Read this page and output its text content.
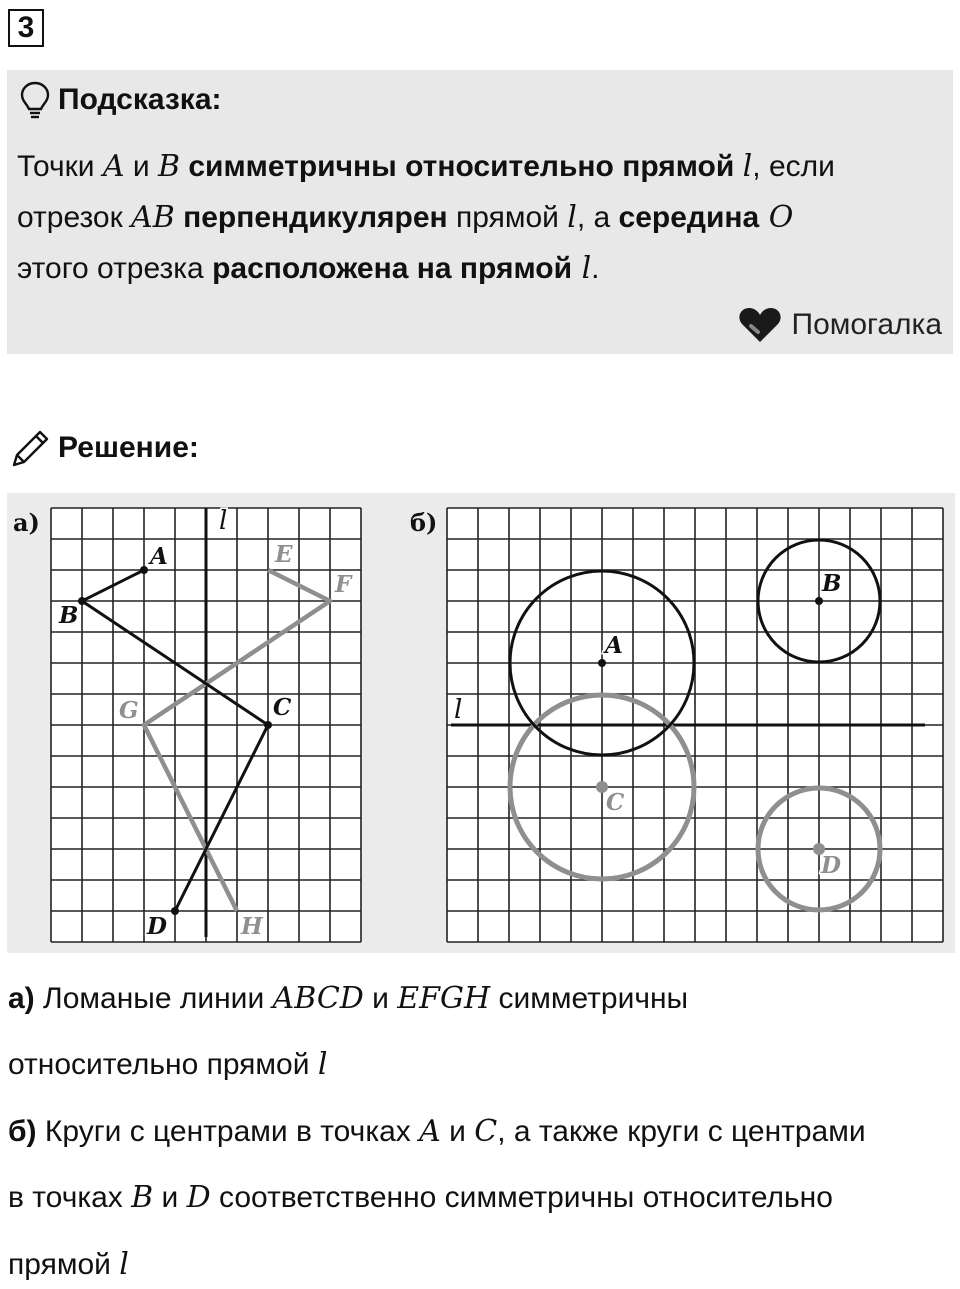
3
Подсказка:
Точки A и B симметричны относительно прямой l, если
отрезок AB перпендикулярен прямой l, а середина O
этого отрезка расположена на прямой l.
Помогалка
Решение:
A
B
C
D
E
F
G
H
а)	l
A
B
C
D
б)
l
а) Ломаные линии ABCD и EFGH симметричны
относительно прямой l
б) Круги с центрами в точках A и C, а также круги с центрами
в точках B и D соответственно симметричны относительно
прямой l
